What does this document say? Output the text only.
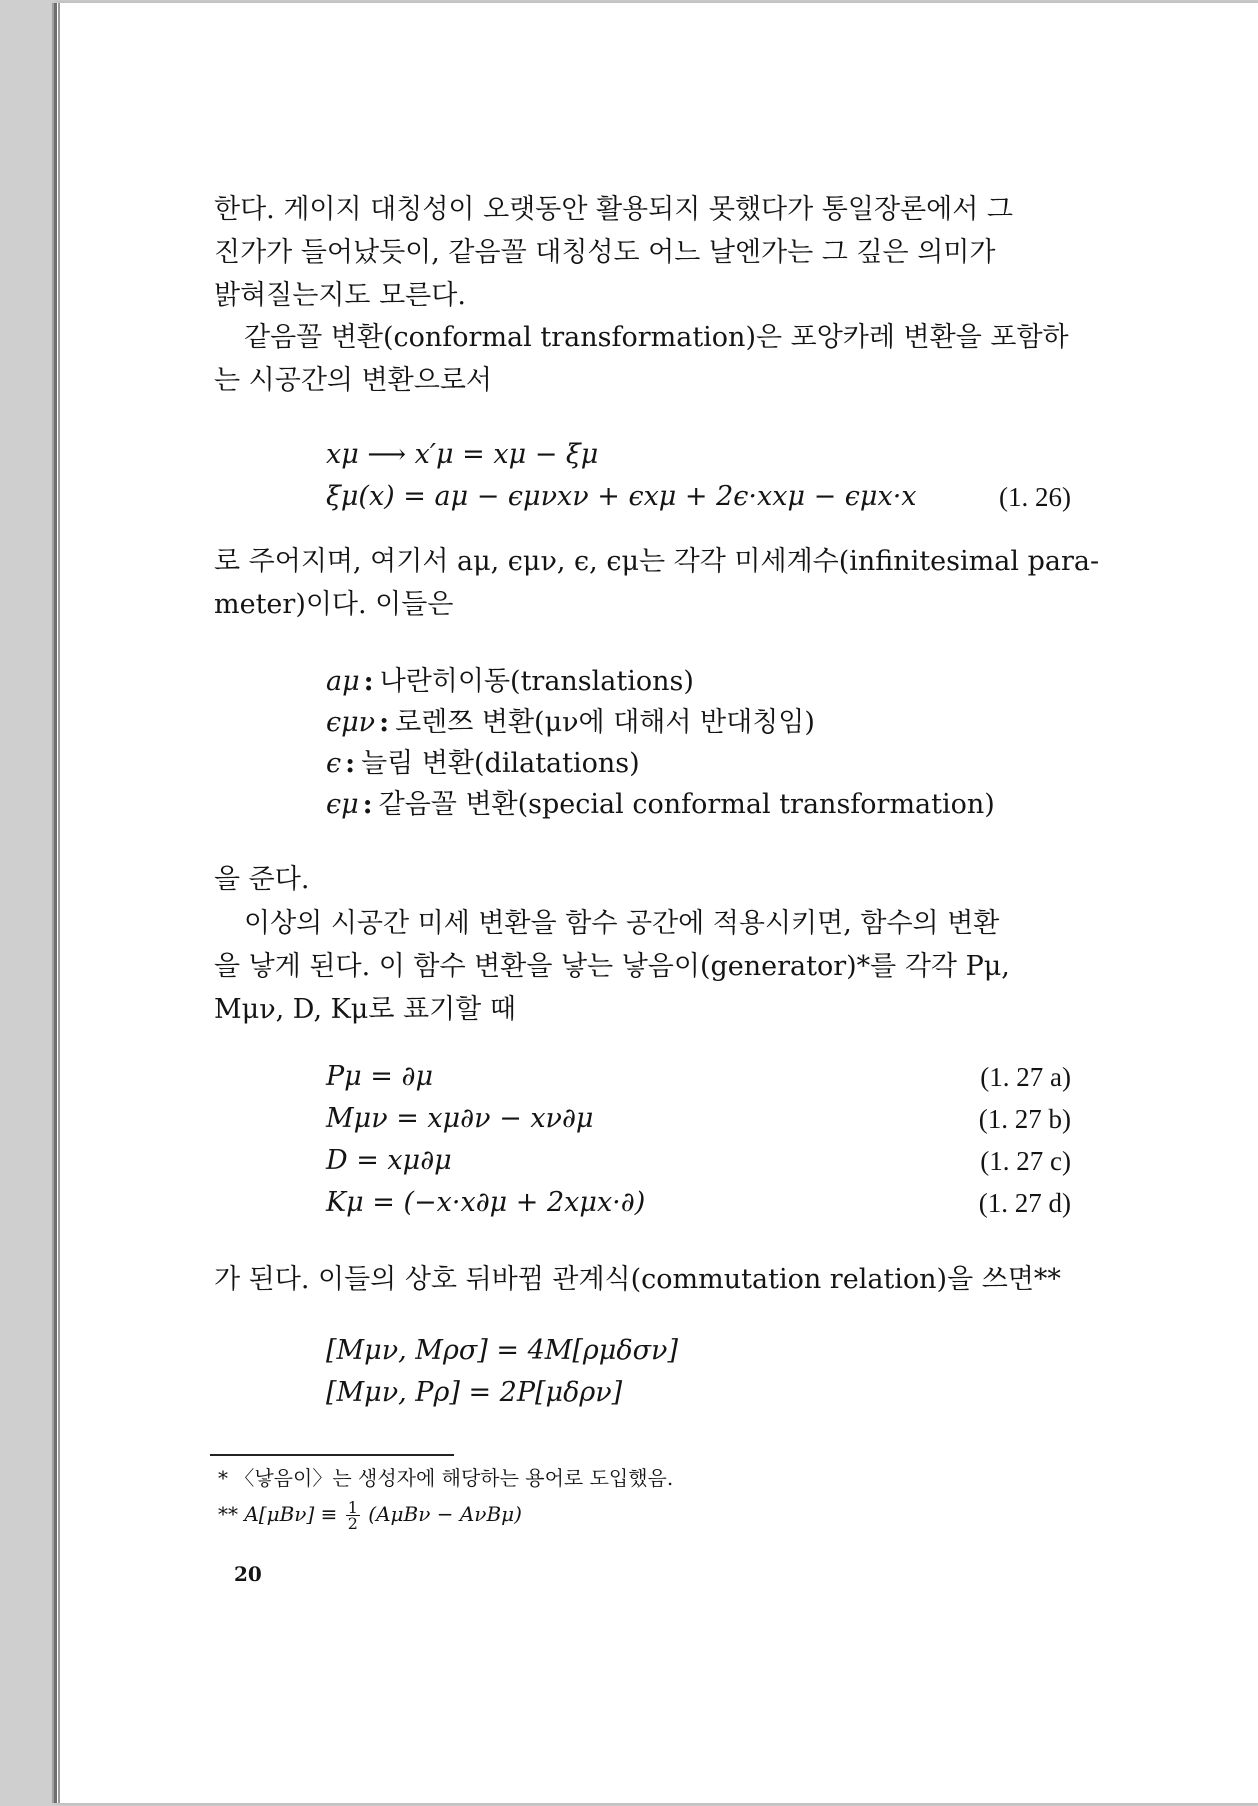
한다. 게이지 대칭성이 오랫동안 활용되지 못했다가 통일장론에서 그
진가가 들어났듯이, 같음꼴 대칭성도 어느 날엔가는 그 깊은 의미가
밝혀질는지도 모른다.
같음꼴 변환(conformal transformation)은 포앙카레 변환을 포함하
는 시공간의 변환으로서
xμ ⟶ x′μ = xμ − ξμ
ξμ(x) = aμ − ϵμνxν + ϵxμ + 2ϵ·xxμ − ϵμx·x	(1. 26)
로 주어지며, 여기서 aμ, ϵμν, ϵ, ϵμ는 각각 미세계수(infinitesimal para-
meter)이다. 이들은
aμ : 나란히이동(translations)
ϵμν : 로렌쯔 변환(μν에 대해서 반대칭임)
ϵ : 늘림 변환(dilatations)
ϵμ : 같음꼴 변환(special conformal transformation)
을 준다.
이상의 시공간 미세 변환을 함수 공간에 적용시키면, 함수의 변환
을 낳게 된다. 이 함수 변환을 낳는 낳음이(generator)*를 각각 Pμ,
Mμν, D, Kμ로 표기할 때
Pμ = ∂μ	(1. 27 a)
Mμν = xμ∂ν − xν∂μ	(1. 27 b)
D = xμ∂μ	(1. 27 c)
Kμ = (−x·x∂μ + 2xμx·∂)	(1. 27 d)
가 된다. 이들의 상호 뒤바뀜 관계식(commutation relation)을 쓰면**
[Mμν, Mρσ] = 4M[ρμδσν]
[Mμν, Pρ] = 2P[μδρν]
* 〈낳음이〉는 생성자에 해당하는 용어로 도입했음.
** $A[\mu B\nu] \equiv \frac{1}{2} (A\mu B\nu - A\nu B\mu)$
20
